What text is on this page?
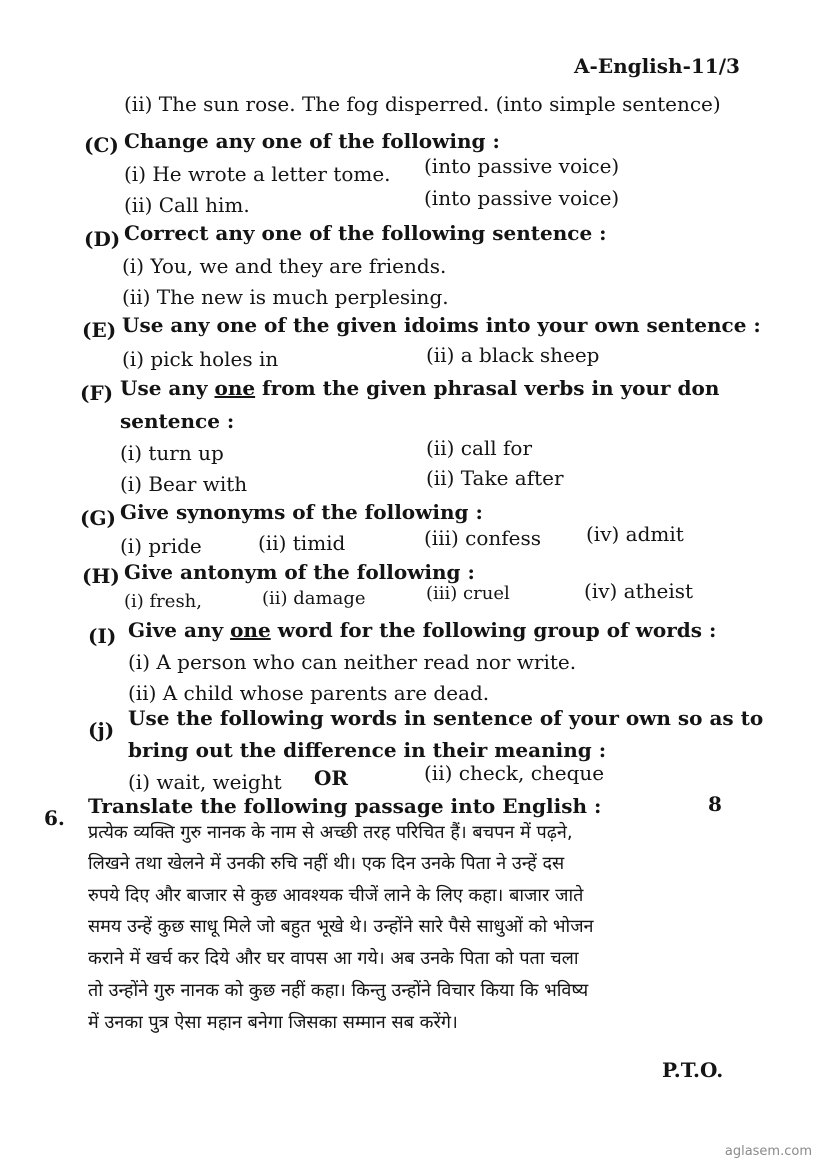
A-English-11/3
(ii) The sun rose. The fog disperred. (into simple sentence)
(C) Change any one of the following :
(i) He wrote a letter tome. (into passive voice)
(ii) Call him.	(into passive voice)
(D) Correct any one of the following sentence :
(i) You, we and they are friends.
(ii) The new is much perplesing.
(E) Use any one of the given idoims into your own sentence :
(i) pick holes in	(ii) a black sheep
(F) Use any one from the given phrasal verbs in your don
sentence :
(i) turn up	(ii) call for
(i) Bear with	(ii) Take after
(G) Give synonyms of the following :
(i) pride	(ii) timid	(iii) confess (iv) admit
(H) Give antonym of the following :
(i) fresh,	(ii) damage	(iii) cruel	(iv) atheist
(I) Give any one word for the following group of words :
(i) A person who can neither read nor write.
(ii) A child whose parents are dead.
(j) Use the following words in sentence of your own so as to
bring out the difference in their meaning :
(i) wait, weight OR	(ii) check, cheque
6. Translate the following passage into English :	8
प्रत्येक व्यक्ति गुरु नानक के नाम से अच्छी तरह परिचित हैं। बचपन में पढ़ने,
लिखने तथा खेलने में उनकी रुचि नहीं थी। एक दिन उनके पिता ने उन्हें दस
रुपये दिए और बाजार से कुछ आवश्यक चीजें लाने के लिए कहा। बाजार जाते
समय उन्हें कुछ साधू मिले जो बहुत भूखे थे। उन्होंने सारे पैसे साधुओं को भोजन
कराने में खर्च कर दिये और घर वापस आ गये। अब उनके पिता को पता चला
तो उन्होंने गुरु नानक को कुछ नहीं कहा। किन्तु उन्होंने विचार किया कि भविष्य
में उनका पुत्र ऐसा महान बनेगा जिसका सम्मान सब करेंगे।
P.T.O.
aglasem.com
